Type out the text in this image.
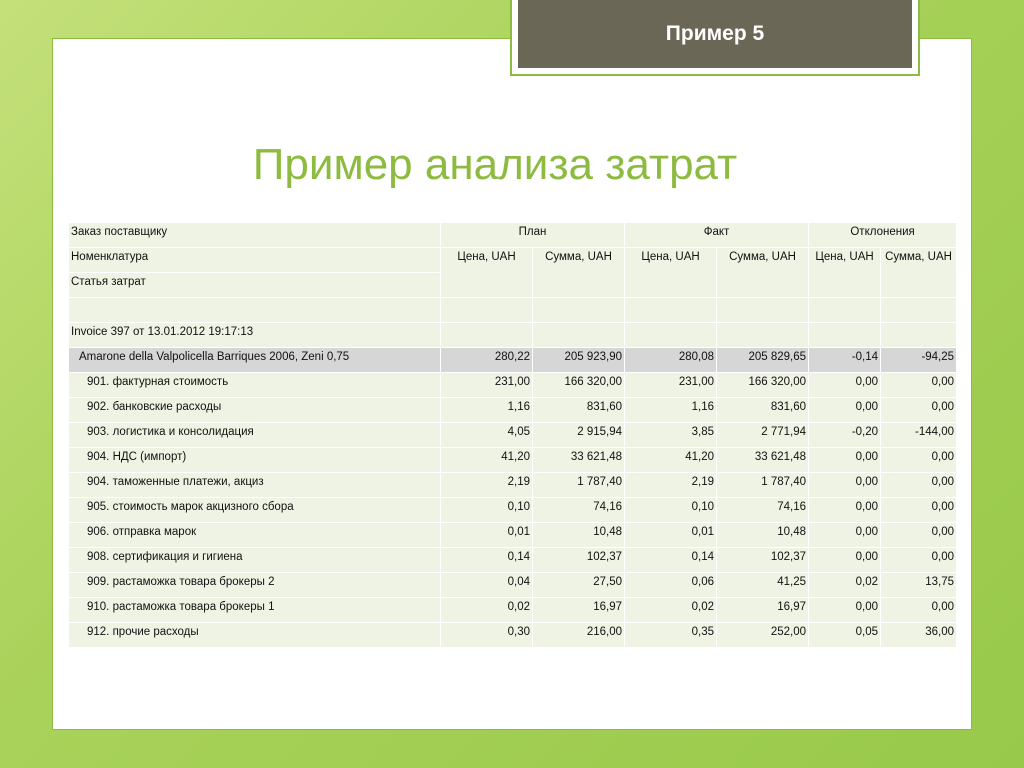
Пример 5
Пример анализа затрат
Заказ поставщику	План		Факт		Отклонения	
Номенклатура	Цена, UAH	Сумма, UAH	Цена, UAH	Сумма, UAH	Цена, UAH	Сумма, UAH
Статья затрат						

Invoice 397 от 13.01.2012 19:17:13						
Amarone della Valpolicella Barriques 2006, Zeni 0,75	280,22	205 923,90	280,08	205 829,65	-0,14	-94,25
901. фактурная стоимость	231,00	166 320,00	231,00	166 320,00	0,00	0,00
902. банковские расходы	1,16	831,60	1,16	831,60	0,00	0,00
903. логистика и консолидация	4,05	2 915,94	3,85	2 771,94	-0,20	-144,00
904. НДС (импорт)	41,20	33 621,48	41,20	33 621,48	0,00	0,00
904. таможенные платежи, акциз	2,19	1 787,40	2,19	1 787,40	0,00	0,00
905. стоимость марок акцизного сбора	0,10	74,16	0,10	74,16	0,00	0,00
906. отправка марок	0,01	10,48	0,01	10,48	0,00	0,00
908. сертификация и гигиена	0,14	102,37	0,14	102,37	0,00	0,00
909. растаможка товара брокеры 2	0,04	27,50	0,06	41,25	0,02	13,75
910. растаможка товара брокеры 1	0,02	16,97	0,02	16,97	0,00	0,00
912. прочие расходы	0,30	216,00	0,35	252,00	0,05	36,00
